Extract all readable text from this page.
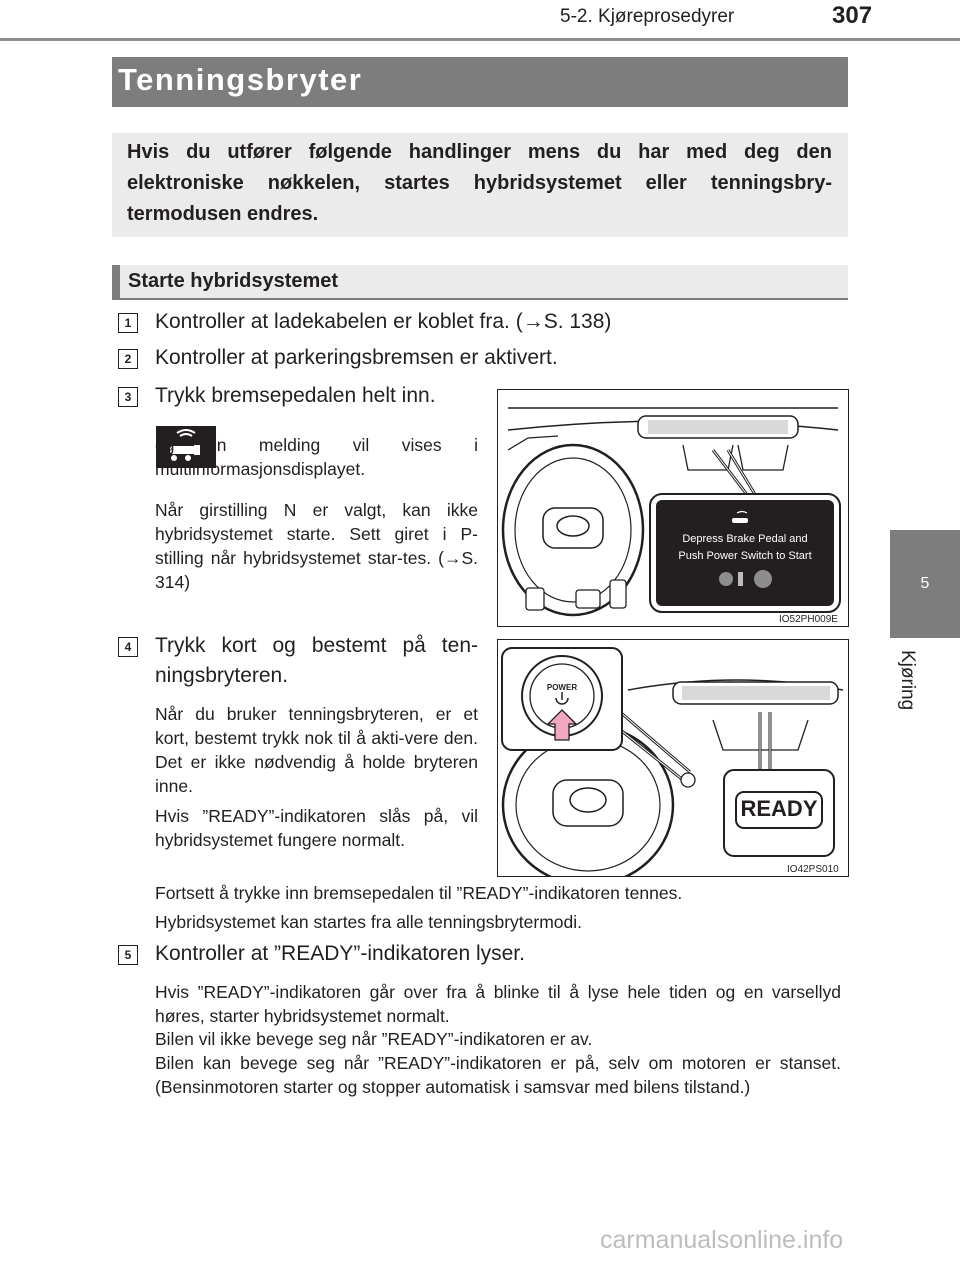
5-2. Kjøreprosedyrer	307
5
Kjøring
Tenningsbryter
Hvis du utfører følgende handlinger mens du har med deg den elektroniske nøkkelen, startes hybridsystemet eller tenningsbry-termodusen endres.
Starte hybridsystemet
1	Kontroller at ladekabelen er koblet fra. (→S. 138)
2	Kontroller at parkeringsbremsen er aktivert.
3	Trykk bremsepedalen helt inn.
og en melding vil vises i multiinformasjonsdisplayet.
Når girstilling N er valgt, kan ikke hybridsystemet starte. Sett giret i P-stilling når hybridsystemet star-tes. (→S. 314)
Depress Brake Pedal and
Push Power Switch to Start
IO52PH009E
4	Trykk kort og bestemt på ten-
ningsbryteren.
Når du bruker tenningsbryteren, er et kort, bestemt trykk nok til å akti-vere den. Det er ikke nødvendig å holde bryteren inne.
Hvis ”READY”-indikatoren slås på, vil hybridsystemet fungere normalt.
POWER
READY
IO42PS010
Fortsett å trykke inn bremsepedalen til ”READY”-indikatoren tennes.
Hybridsystemet kan startes fra alle tenningsbrytermodi.
5	Kontroller at ”READY”-indikatoren lyser.
Hvis ”READY”-indikatoren går over fra å blinke til å lyse hele tiden og en varsellyd høres, starter hybridsystemet normalt.
Bilen vil ikke bevege seg når ”READY”-indikatoren er av.
Bilen kan bevege seg når ”READY”-indikatoren er på, selv om motoren er stanset. (Bensinmotoren starter og stopper automatisk i samsvar med bilens tilstand.)
carmanualsonline.info
